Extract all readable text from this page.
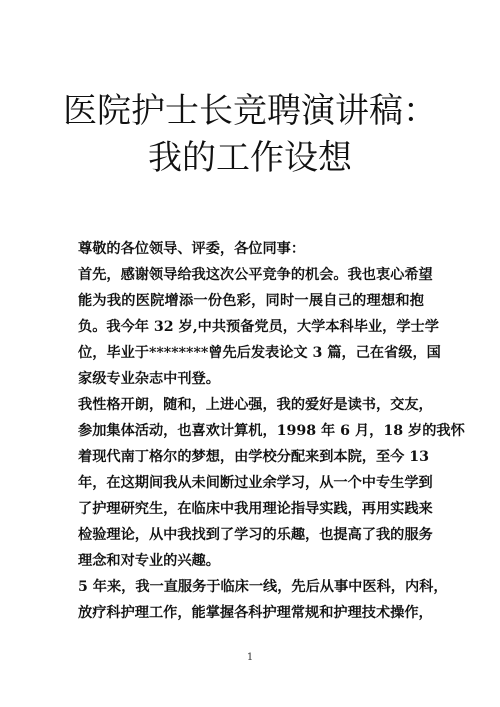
医院护士长竞聘演讲稿：
我的工作设想
尊敬的各位领导、评委，各位同事：
首先，感谢领导给我这次公平竞争的机会。我也衷心希望
能为我的医院增添一份色彩，同时一展自己的理想和抱
负。我今年 32 岁,中共预备党员，大学本科毕业，学士学
位，毕业于********曾先后发表论文 3 篇，己在省级，国
家级专业杂志中刊登。
我性格开朗，随和，上进心强，我的爱好是读书，交友，
参加集体活动，也喜欢计算机，1998 年 6 月，18 岁的我怀
着现代南丁格尔的梦想，由学校分配来到本院，至今 13
年，在这期间我从未间断过业余学习，从一个中专生学到
了护理研究生，在临床中我用理论指导实践，再用实践来
检验理论，从中我找到了学习的乐趣，也提高了我的服务
理念和对专业的兴趣。
5 年来，我一直服务于临床一线，先后从事中医科，内科，
放疗科护理工作，能掌握各科护理常规和护理技术操作，
1
